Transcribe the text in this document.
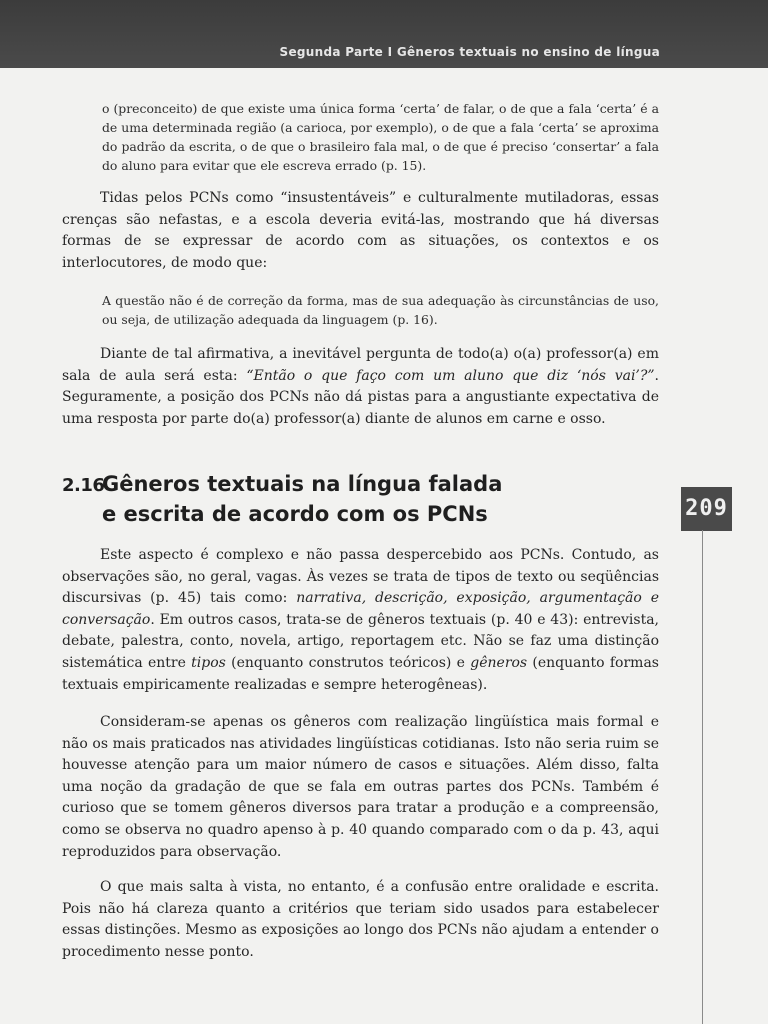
Segunda Parte I Gêneros textuais no ensino de língua
209

o (preconceito) de que existe uma única forma ‘certa’ de falar, o de que a fala ‘certa’ é a de uma determinada região (a carioca, por exemplo), o de que a fala ‘certa’ se aproxima do padrão da escrita, o de que o brasileiro fala mal, o de que é preciso ‘consertar’ a fala do aluno para evitar que ele escreva errado (p. 15).

Tidas pelos PCNs como “insustentáveis” e culturalmente mutiladoras, essas crenças são nefastas, e a escola deveria evitá-las, mostrando que há diversas formas de se expressar de acordo com as situações, os contextos e os interlocutores, de modo que:

A questão não é de correção da forma, mas de sua adequação às circunstâncias de uso, ou seja, de utilização adequada da linguagem (p. 16).

Diante de tal afirmativa, a inevitável pergunta de todo(a) o(a) professor(a) em sala de aula será esta: “Então o que faço com um aluno que diz ‘nós vai’?”. Seguramente, a posição dos PCNs não dá pistas para a angustiante expectativa de uma resposta por parte do(a) professor(a) diante de alunos em carne e osso.

2.16Gêneros textuais na língua falada
e escrita de acordo com os PCNs

Este aspecto é complexo e não passa despercebido aos PCNs. Contudo, as observações são, no geral, vagas. Às vezes se trata de tipos de texto ou seqüências discursivas (p. 45) tais como: narrativa, descrição, exposição, argumentação e conversação. Em outros casos, trata-se de gêneros textuais (p. 40 e 43): entrevista, debate, palestra, conto, novela, artigo, reportagem etc. Não se faz uma distinção sistemática entre tipos (enquanto construtos teóricos) e gêneros (enquanto formas textuais empiricamente realizadas e sempre heterogêneas).

Consideram-se apenas os gêneros com realização lingüística mais formal e não os mais praticados nas atividades lingüísticas cotidianas. Isto não seria ruim se houvesse atenção para um maior número de casos e situações. Além disso, falta uma noção da gradação de que se fala em outras partes dos PCNs. Também é curioso que se tomem gêneros diversos para tratar a produção e a compreensão, como se observa no quadro apenso à p. 40 quando comparado com o da p. 43, aqui reproduzidos para observação.

O que mais salta à vista, no entanto, é a confusão entre oralidade e escrita. Pois não há clareza quanto a critérios que teriam sido usados para estabelecer essas distinções. Mesmo as exposições ao longo dos PCNs não ajudam a entender o procedimento nesse ponto.
